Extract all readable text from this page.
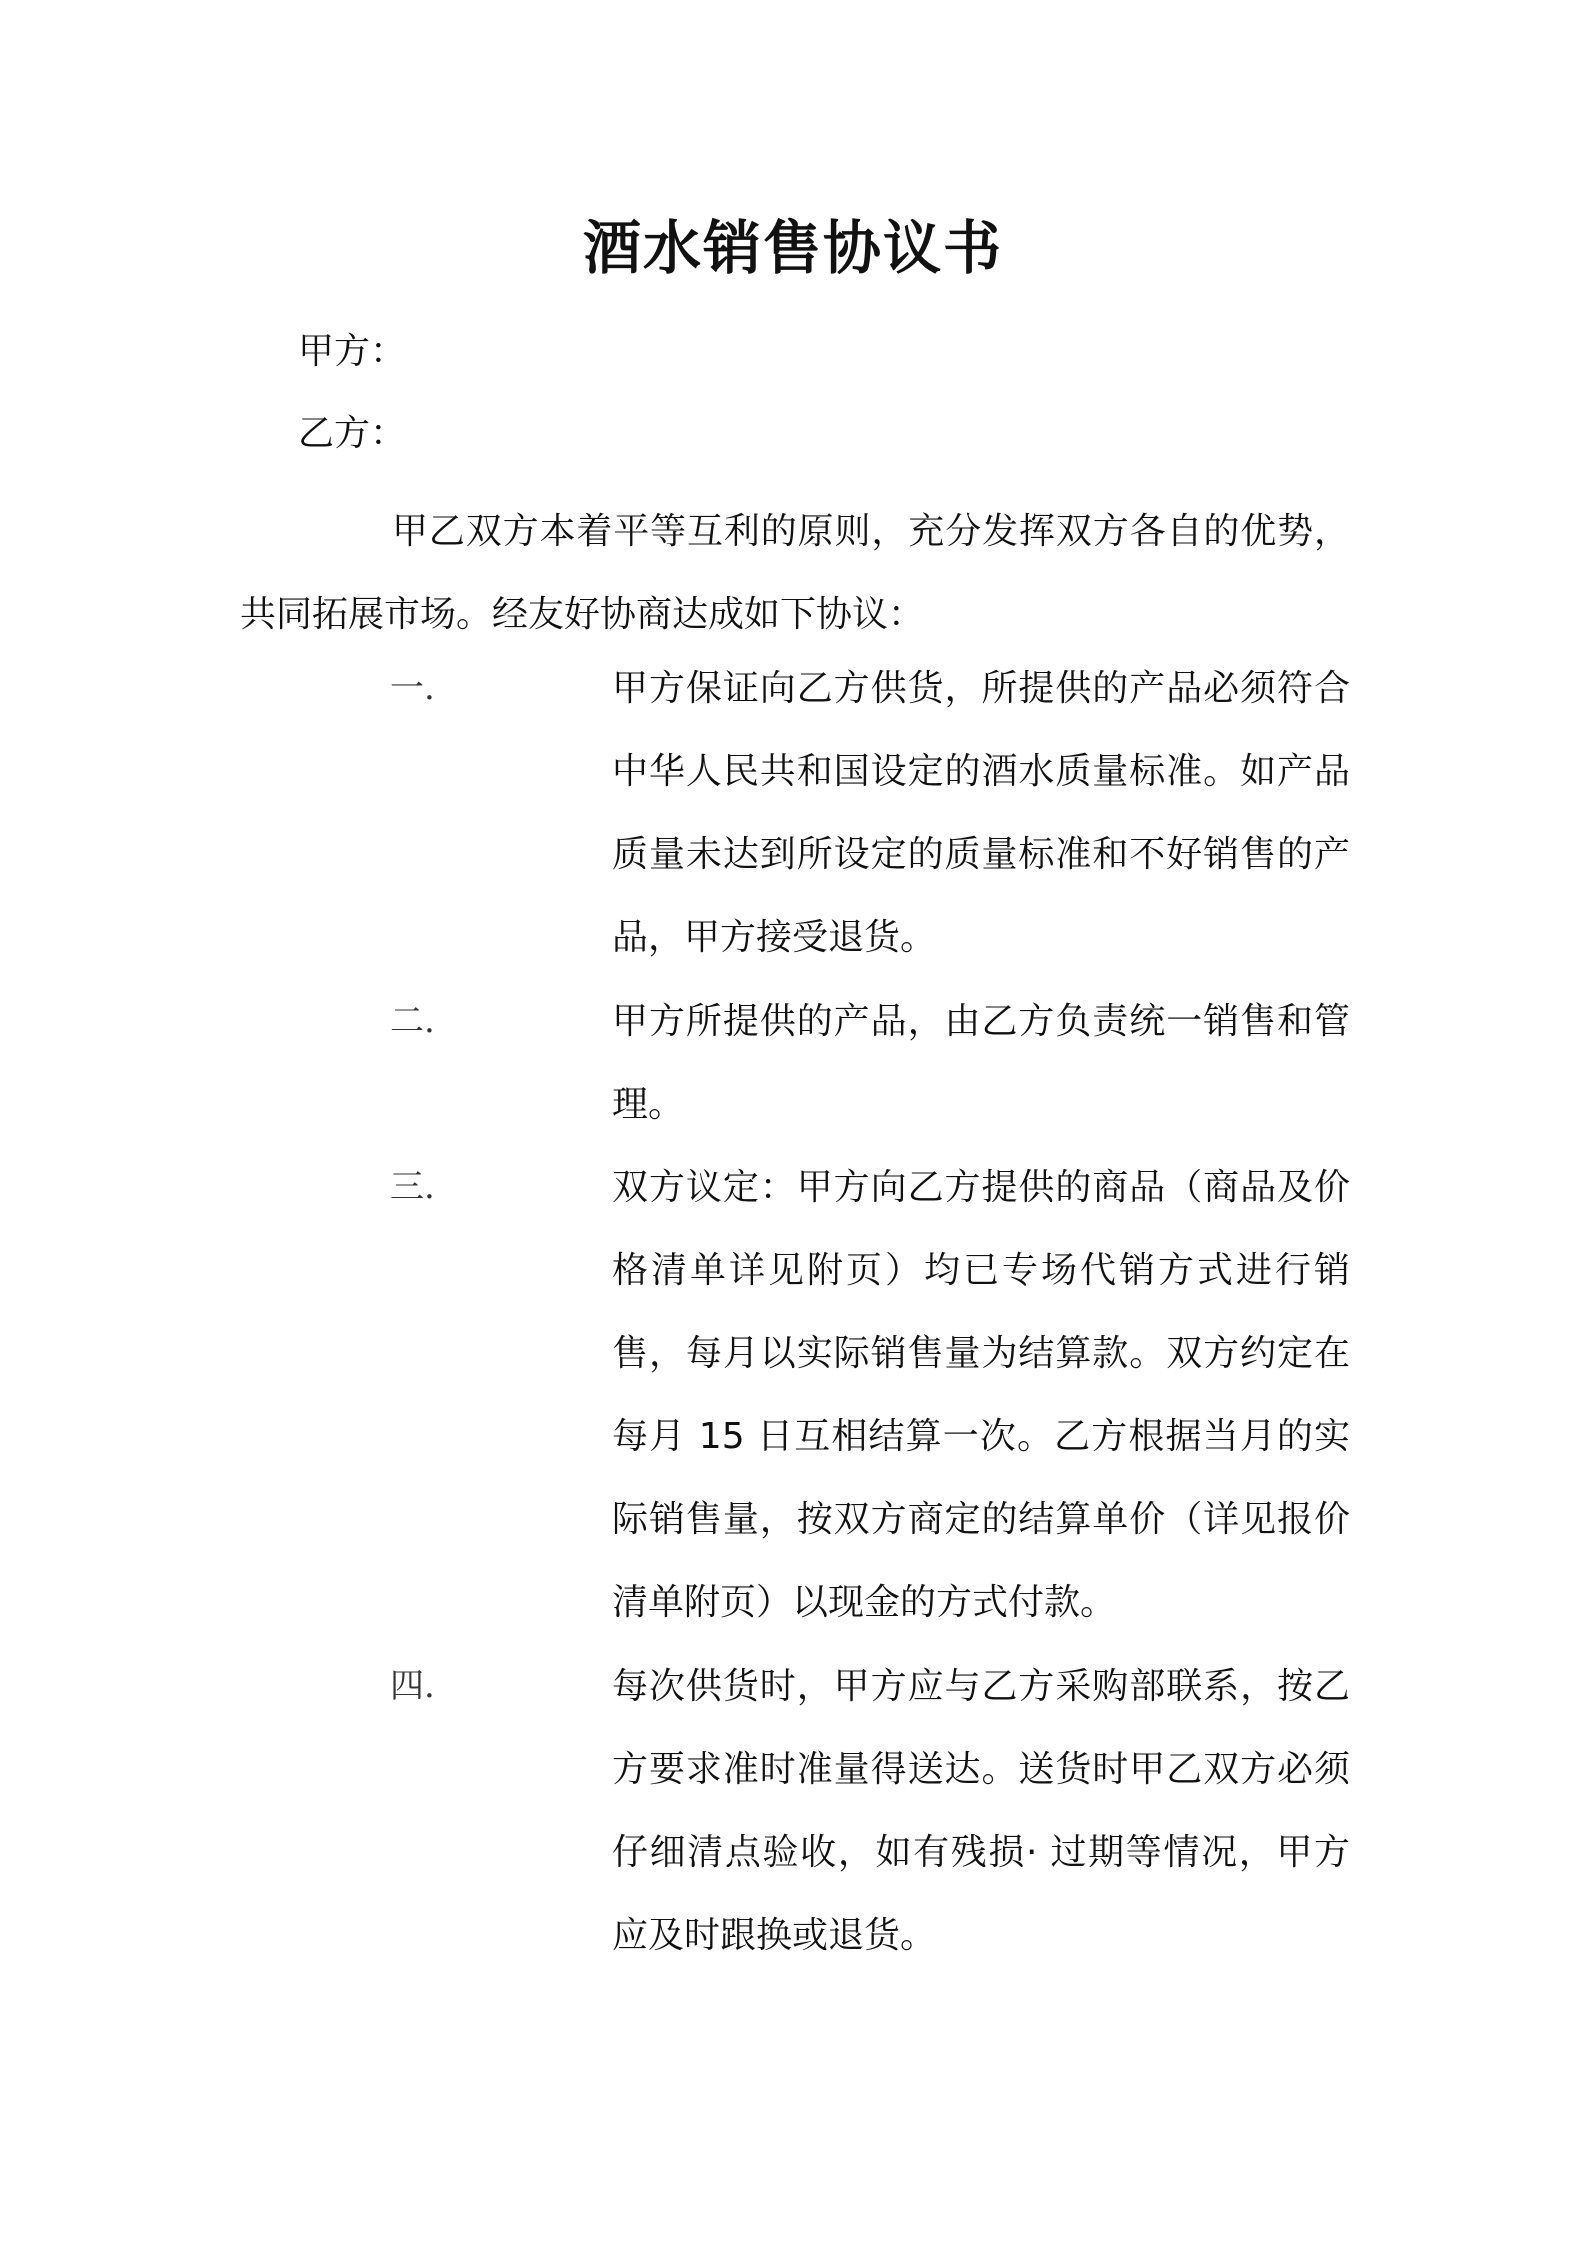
酒水销售协议书
甲方：
乙方：
甲乙双方本着平等互利的原则，充分发挥双方各自的优势，共同拓展市场。经友好协商达成如下协议：
一.	甲方保证向乙方供货，所提供的产品必须符合中华人民共和国设定的酒水质量标准。如产品质量未达到所设定的质量标准和不好销售的产品，甲方接受退货。
二.	甲方所提供的产品，由乙方负责统一销售和管理。
三.	双方议定：甲方向乙方提供的商品（商品及价格清单详见附页）均已专场代销方式进行销售，每月以实际销售量为结算款。双方约定在每月 15 日互相结算一次。乙方根据当月的实际销售量，按双方商定的结算单价（详见报价清单附页）以现金的方式付款。
四.	每次供货时，甲方应与乙方采购部联系，按乙方要求准时准量得送达。送货时甲乙双方必须仔细清点验收，如有残损· 过期等情况，甲方应及时跟换或退货。
